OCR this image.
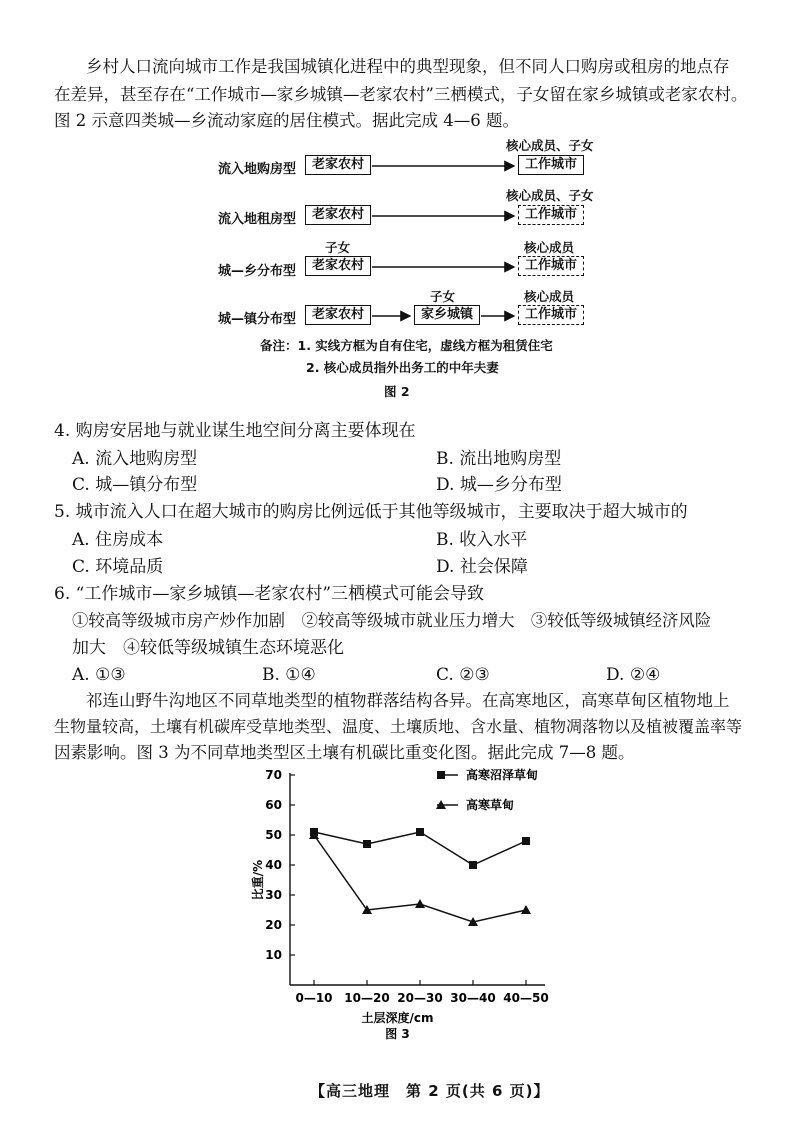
乡村人口流向城市工作是我国城镇化进程中的典型现象，但不同人口购房或租房的地点存
在差异，甚至存在“工作城市—家乡城镇—老家农村”三栖模式，子女留在家乡城镇或老家农村。
图 2 示意四类城—乡流动家庭的居住模式。据此完成 4—6 题。
流入地购房型	老家农村
核心成员、子女
工作城市
流入地租房型	老家农村
核心成员、子女
工作城市
城—乡分布型
子女
老家农村
核心成员
工作城市
城—镇分布型	老家农村
子女
家乡城镇
核心成员
工作城市
备注：1. 实线方框为自有住宅，虚线方框为租赁住宅
2. 核心成员指外出务工的中年夫妻
图 2
4. 购房安居地与就业谋生地空间分离主要体现在
A. 流入地购房型	B. 流出地购房型
C. 城—镇分布型	D. 城—乡分布型
5. 城市流入人口在超大城市的购房比例远低于其他等级城市，主要取决于超大城市的
A. 住房成本	B. 收入水平
C. 环境品质	D. 社会保障
6. “工作城市—家乡城镇—老家农村”三栖模式可能会导致
①较高等级城市房产炒作加剧　②较高等级城市就业压力增大　③较低等级城镇经济风险
加大　④较低等级城镇生态环境恶化
A. ①③	B. ①④	C. ②③	D. ②④
祁连山野牛沟地区不同草地类型的植物群落结构各异。在高寒地区，高寒草甸区植物地上
生物量较高，土壤有机碳库受草地类型、温度、土壤质地、含水量、植物凋落物以及植被覆盖率等
因素影响。图 3 为不同草地类型区土壤有机碳比重变化图。据此完成 7—8 题。
10
20
30
40
50
60
70
0—10 10—20 20—30 30—40 40—50
比重/%
土层深度/cm
图 3
高寒沼泽草甸
高寒草甸
【高三地理　第 2 页(共 6 页)】
